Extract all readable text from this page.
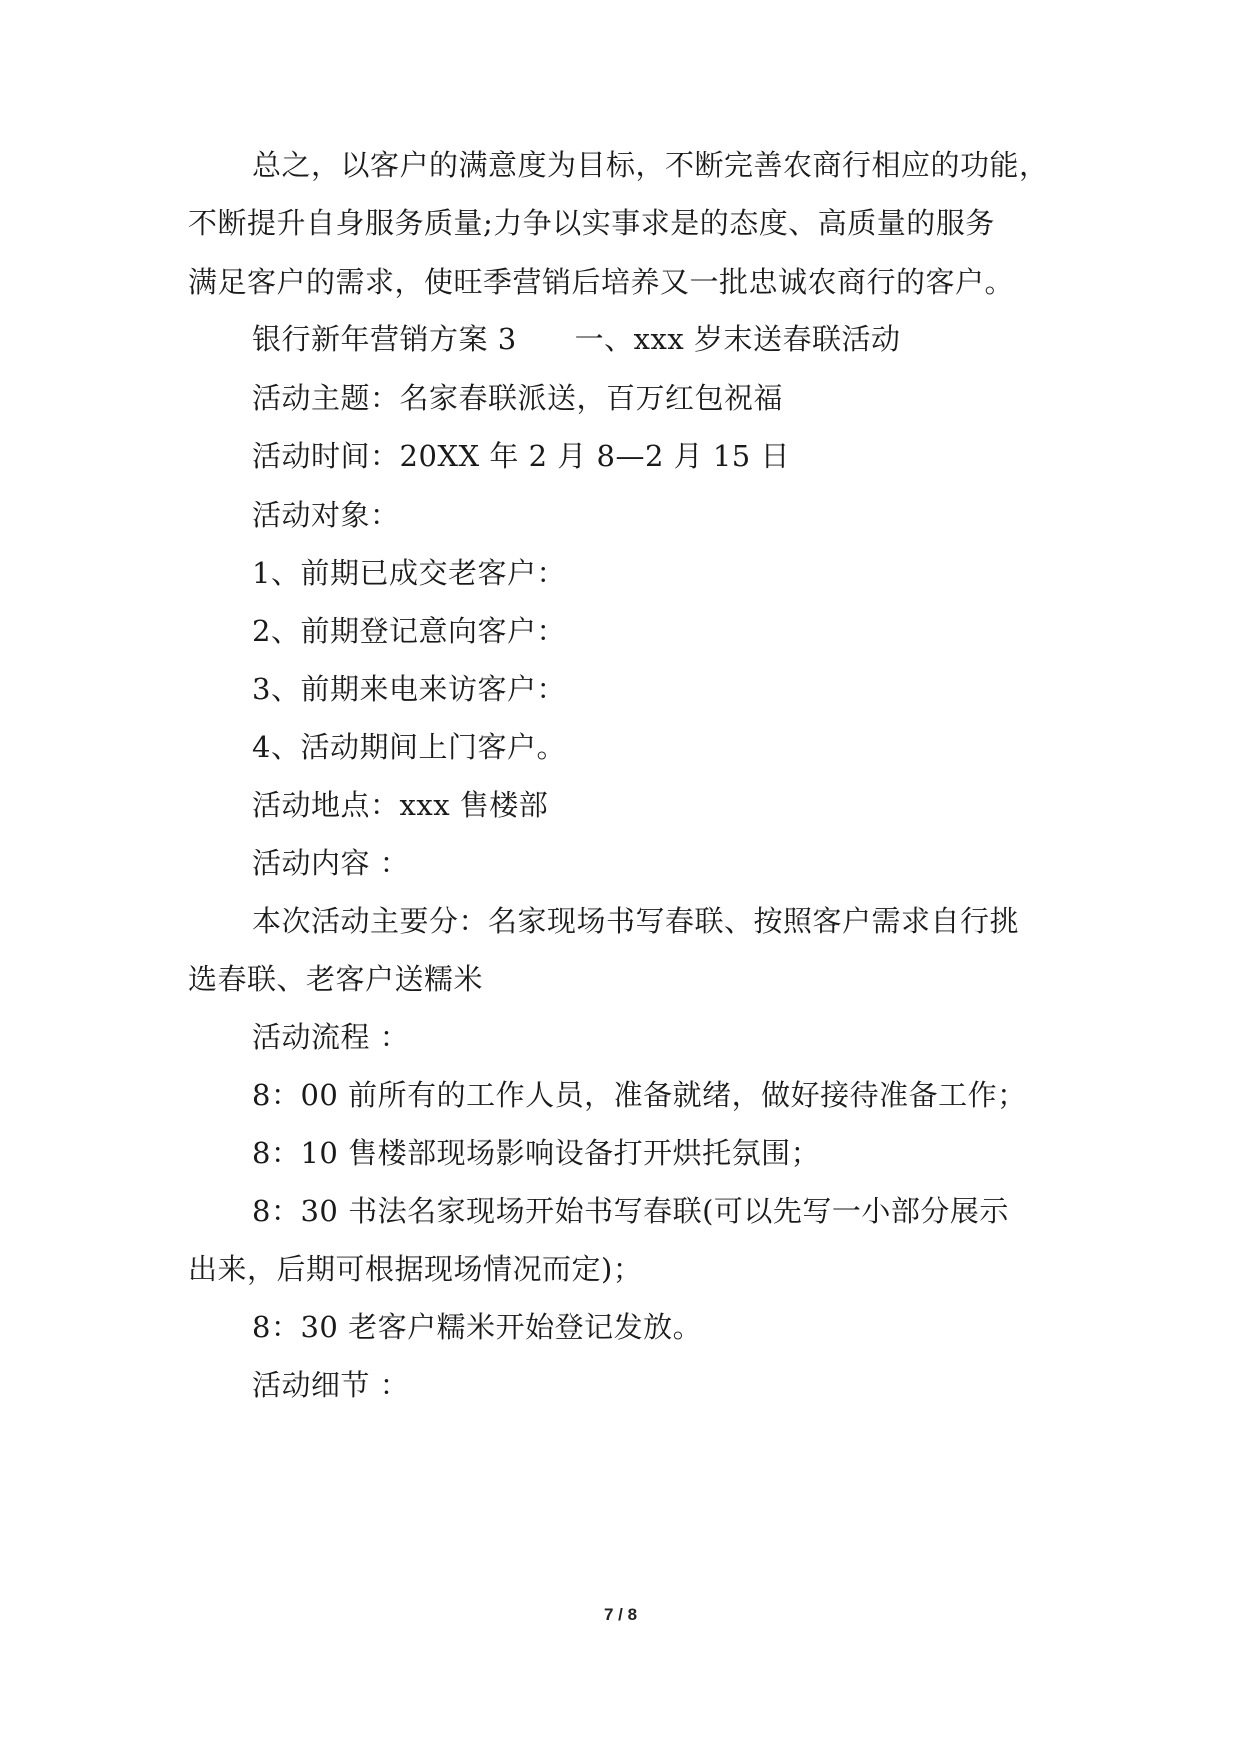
总之，以客户的满意度为目标，不断完善农商行相应的功能，
不断提升自身服务质量;力争以实事求是的态度、高质量的服务
满足客户的需求，使旺季营销后培养又一批忠诚农商行的客户。
银行新年营销方案 3 一、xxx 岁末送春联活动
活动主题：名家春联派送，百万红包祝福
活动时间：20XX 年 2 月 8—2 月 15 日
活动对象：
1、前期已成交老客户：
2、前期登记意向客户：
3、前期来电来访客户：
4、活动期间上门客户。
活动地点：xxx 售楼部
活动内容 ：
本次活动主要分：名家现场书写春联、按照客户需求自行挑
选春联、老客户送糯米
活动流程 ：
8：00 前所有的工作人员，准备就绪，做好接待准备工作；
8：10 售楼部现场影响设备打开烘托氛围；
8：30 书法名家现场开始书写春联(可以先写一小部分展示
出来，后期可根据现场情况而定)；
8：30 老客户糯米开始登记发放。
活动细节 ：
7 / 8
